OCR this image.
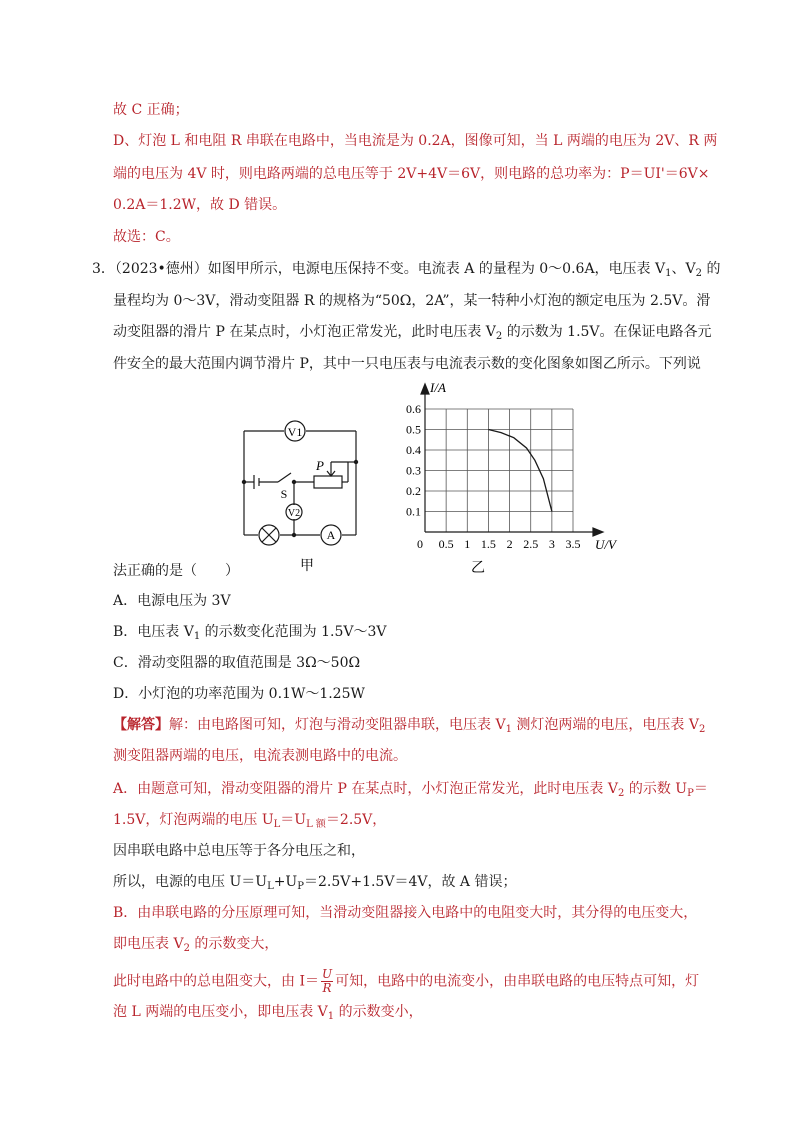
故 C 正确；
D、灯泡 L 和电阻 R 串联在电路中，当电流是为 0.2A，图像可知，当 L 两端的电压为 2V、R 两
端的电压为 4V 时，则电路两端的总电压等于 2V+4V＝6V，则电路的总功率为：P＝UI'＝6V×
0.2A＝1.2W，故 D 错误。
故选：C。
3．（2023•德州）如图甲所示，电源电压保持不变。电流表 A 的量程为 0～0.6A，电压表 $V_1$、$V_2$ 的
量程均为 0～3V，滑动变阻器 R 的规格为“50Ω，2A”，某一特种小灯泡的额定电压为 2.5V。滑
动变阻器的滑片 P 在某点时，小灯泡正常发光，此时电压表 $V_2$ 的示数为 1.5V。在保证电路各元
件安全的最大范围内调节滑片 P，其中一只电压表与电流表示数的变化图象如图乙所示。下列说
V1
V2
A
S
P
甲
0.5 1 1.5 2 2.5 3 3.5
0.1
0.2
0.3
0.4
0.5
0.6
I/A
U/V
0
乙
法正确的是（　　）
A．电源电压为 3V
B．电压表 $V_1$ 的示数变化范围为 1.5V～3V
C．滑动变阻器的取值范围是 3Ω～50Ω
D．小灯泡的功率范围为 0.1W～1.25W
【解答】解：由电路图可知，灯泡与滑动变阻器串联，电压表 $V_1$ 测灯泡两端的电压，电压表 $V_2$
测变阻器两端的电压，电流表测电路中的电流。
A．由题意可知，滑动变阻器的滑片 P 在某点时，小灯泡正常发光，此时电压表 $V_2$ 的示数 $U_P=$
1.5V，灯泡两端的电压 $U_L=U_{L 额}=2.5V$，
因串联电路中总电压等于各分电压之和，
所以，电源的电压 $U=U_L+U_P=2.5V+1.5V=4V$，故 A 错误；
B．由串联电路的分压原理可知，当滑动变阻器接入电路中的电阻变大时，其分得的电压变大，
即电压表 $V_2$ 的示数变大，
此时电路中的总电阻变大，由 $I= \frac{U}{R}$ 可知，电路中的电流变小，由串联电路的电压特点可知，灯
泡 L 两端的电压变小，即电压表 $V_1$ 的示数变小，
